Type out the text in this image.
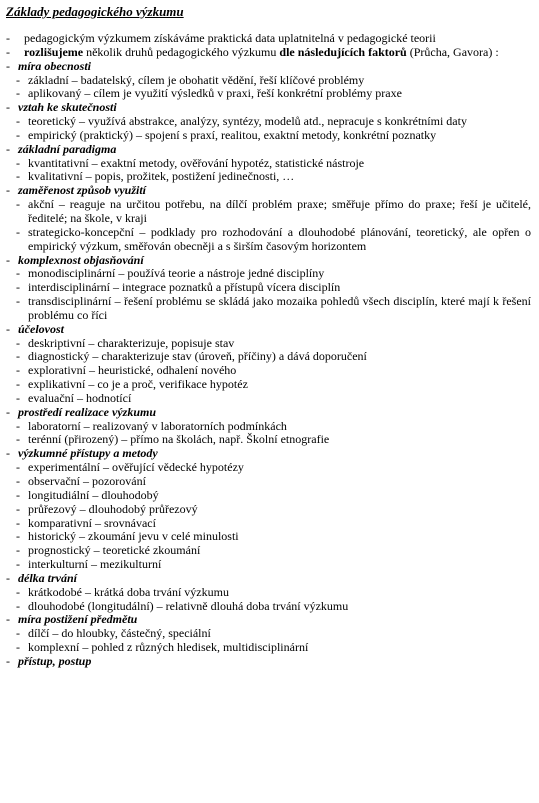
Základy pedagogického výzkumu
-	pedagogickým výzkumem získáváme praktická data uplatnitelná v pedagogické teorii
-	rozlišujeme několik druhů pedagogického výzkumu dle následujících faktorů (Průcha, Gavora) :
- míra obecnosti
- základní – badatelský, cílem je obohatit vědění, řeší klíčové problémy
- aplikovaný – cílem je využití výsledků v praxi, řeší konkrétní problémy praxe
- vztah ke skutečnosti
- teoretický – využívá abstrakce, analýzy, syntézy, modelů atd., nepracuje s konkrétními daty
- empirický (praktický) – spojení s praxí, realitou, exaktní metody, konkrétní poznatky
- základní paradigma
- kvantitativní – exaktní metody, ověřování hypotéz, statistické nástroje
- kvalitativní – popis, prožitek, postižení jedinečnosti, …
- zaměřenost způsob využití
- akční – reaguje na určitou potřebu, na dílčí problém praxe; směřuje přímo do praxe; řeší je učitelé, ředitelé; na škole, v kraji
- strategicko-koncepční – podklady pro rozhodování a dlouhodobé plánování, teoretický, ale opřen o empirický výzkum, směřován obecněji a s širším časovým horizontem
- komplexnost objasňování
- monodisciplinární – používá teorie a nástroje jedné disciplíny
- interdisciplinární – integrace poznatků a přístupů vícera disciplín
- transdisciplinární – řešení problému se skládá jako mozaika pohledů všech disciplín, které mají k řešení problému co říci
- účelovost
- deskriptivní – charakterizuje, popisuje stav
- diagnostický – charakterizuje stav (úroveň, příčiny) a dává doporučení
- explorativní – heuristické, odhalení nového
- explikativní – co je a proč, verifikace hypotéz
- evaluační – hodnotící
- prostředí realizace výzkumu
- laboratorní – realizovaný v laboratorních podmínkách
- terénní (přirozený) – přímo na školách, např. Školní etnografie
- výzkumné přístupy a metody
- experimentální – ověřující vědecké hypotézy
- observační – pozorování
- longitudiální – dlouhodobý
- průřezový – dlouhodobý průřezový
- komparativní – srovnávací
- historický – zkoumání jevu v celé minulosti
- prognostický – teoretické zkoumání
- interkulturní – mezikulturní
- délka trvání
- krátkodobé – krátká doba trvání výzkumu
- dlouhodobé (longitudální) – relativně dlouhá doba trvání výzkumu
- míra postižení předmětu
- dílčí – do hloubky, částečný, speciální
- komplexní – pohled z různých hledisek, multidisciplinární
- přístup, postup
